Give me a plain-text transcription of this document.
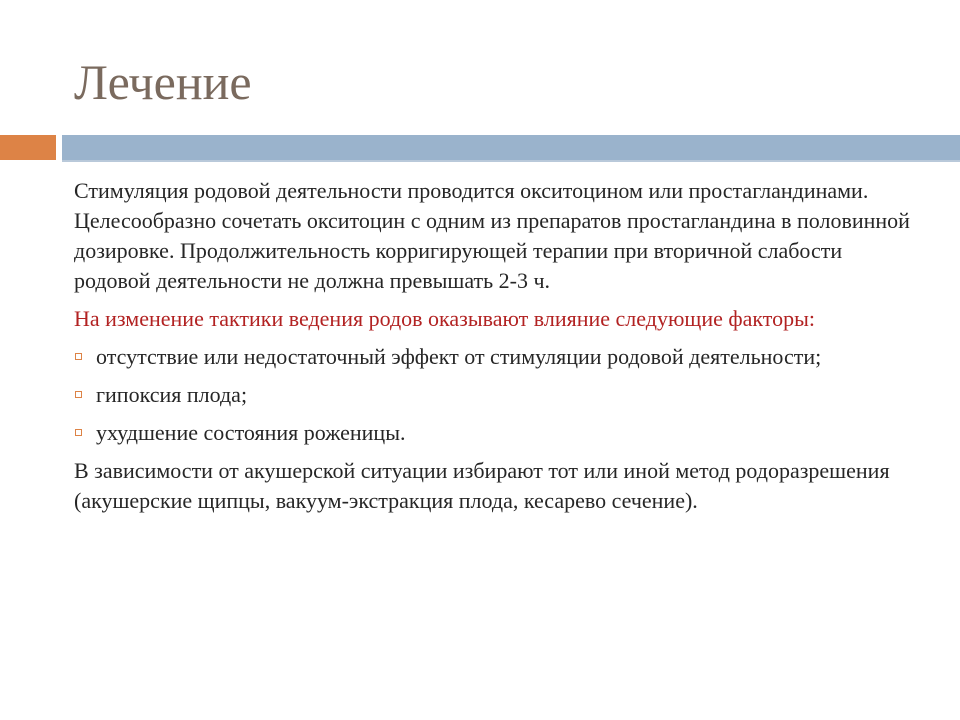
Лечение

Стимуляция родовой деятельности проводится окситоцином или простагландинами. Целесообразно сочетать окситоцин с одним из препаратов простагландина в половинной дозировке. Продолжительность корригирующей терапии при вторичной слабости родовой деятельности не должна превышать 2-3 ч.

На изменение тактики ведения родов оказывают влияние следующие факторы:

отсутствие или недостаточный эффект от стимуляции родовой деятельности;
гипоксия плода;
ухудшение состояния роженицы.

В зависимости от акушерской ситуации избирают тот или иной метод родоразрешения (акушерские щипцы, вакуум-экстракция плода, кесарево сечение).
